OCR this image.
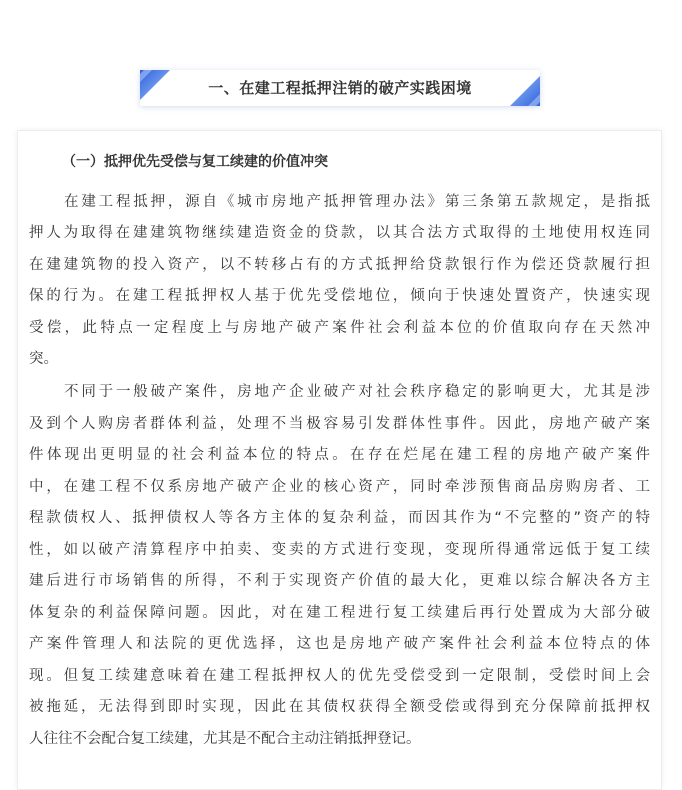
一、在建工程抵押注销的破产实践困境
（一）抵押优先受偿与复工续建的价值冲突
在建工程抵押，源自《城市房地产抵押管理办法》第三条第五款规定，是指抵
押人为取得在建建筑物继续建造资金的贷款，以其合法方式取得的土地使用权连同
在建建筑物的投入资产，以不转移占有的方式抵押给贷款银行作为偿还贷款履行担
保的行为。在建工程抵押权人基于优先受偿地位，倾向于快速处置资产，快速实现
受偿，此特点一定程度上与房地产破产案件社会利益本位的价值取向存在天然冲
突。
不同于一般破产案件，房地产企业破产对社会秩序稳定的影响更大，尤其是涉
及到个人购房者群体利益，处理不当极容易引发群体性事件。因此，房地产破产案
件体现出更明显的社会利益本位的特点。在存在烂尾在建工程的房地产破产案件
中，在建工程不仅系房地产破产企业的核心资产，同时牵涉预售商品房购房者、工
程款债权人、抵押债权人等各方主体的复杂利益，而因其作为“不完整的”资产的特
性，如以破产清算程序中拍卖、变卖的方式进行变现，变现所得通常远低于复工续
建后进行市场销售的所得，不利于实现资产价值的最大化，更难以综合解决各方主
体复杂的利益保障问题。因此，对在建工程进行复工续建后再行处置成为大部分破
产案件管理人和法院的更优选择，这也是房地产破产案件社会利益本位特点的体
现。但复工续建意味着在建工程抵押权人的优先受偿受到一定限制，受偿时间上会
被拖延，无法得到即时实现，因此在其债权获得全额受偿或得到充分保障前抵押权
人往往不会配合复工续建，尤其是不配合主动注销抵押登记。
